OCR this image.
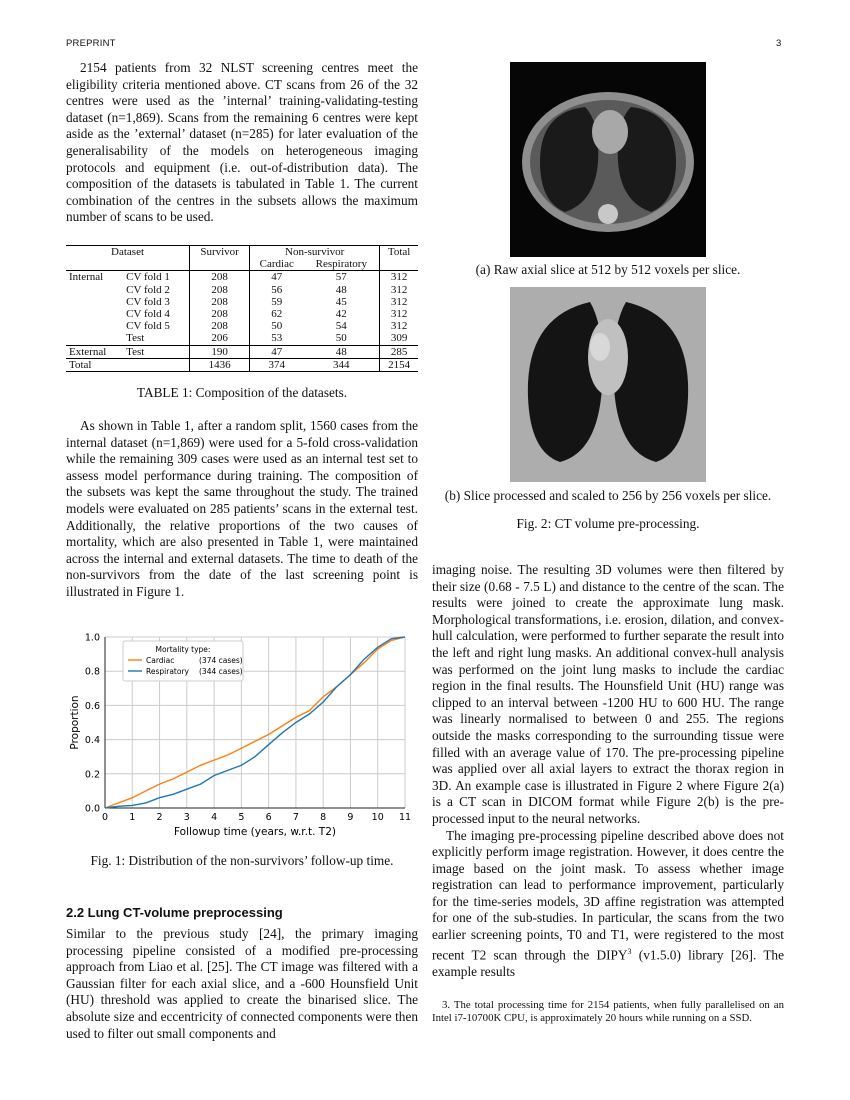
PREPRINT	3

2154 patients from 32 NLST screening centres meet the eligibility criteria mentioned above. CT scans from 26 of the 32 centres were used as the ’internal’ training-validating-testing dataset (n=1,869). Scans from the remaining 6 centres were kept aside as the ’external’ dataset (n=285) for later evaluation of the generalisability of the models on heterogeneous imaging protocols and equipment (i.e. out-of-distribution data). The composition of the datasets is tabulated in Table 1. The current combination of the centres in the subsets allows the maximum number of scans to be used.

Dataset		Survivor	Non-survivor		Total
			Cardiac	Respiratory	
Internal	CV fold 1	208	47	57	312
	CV fold 2	208	56	48	312
	CV fold 3	208	59	45	312
	CV fold 4	208	62	42	312
	CV fold 5	208	50	54	312
	Test	206	53	50	309
External	Test	190	47	48	285
Total		1436	374	344	2154
TABLE 1: Composition of the datasets.

As shown in Table 1, after a random split, 1560 cases from the internal dataset (n=1,869) were used for a 5-fold cross-validation while the remaining 309 cases were used as an internal test set to assess model performance during training. The composition of the subsets was kept the same throughout the study. The trained models were evaluated on 285 patients’ scans in the external test. Additionally, the relative proportions of the two causes of mortality, which are also presented in Table 1, were maintained across the internal and external datasets. The time to death of the non-survivors from the date of the last screening point is illustrated in Figure 1.

0 1 2 3 4 5 6 7 8 9 10 11
0.0
0.2
0.4
0.6
0.8
1.0
Followup time (years, w.r.t. T2)
Proportion
Mortality type:
Cardiac	(374 cases)
Respiratory (344 cases)
Fig. 1: Distribution of the non-survivors’ follow-up time.
2.2 Lung CT-volume preprocessing

Similar to the previous study [24], the primary imaging processing pipeline consisted of a modified pre-processing approach from Liao et al. [25]. The CT image was filtered with a Gaussian filter for each axial slice, and a -600 Hounsfield Unit (HU) threshold was applied to create the binarised slice. The absolute size and eccentricity of connected components were then used to filter out small components and

(a) Raw axial slice at 512 by 512 voxels per slice.
(b) Slice processed and scaled to 256 by 256 voxels per slice.
Fig. 2: CT volume pre-processing.

imaging noise. The resulting 3D volumes were then filtered by their size (0.68 - 7.5 L) and distance to the centre of the scan. The results were joined to create the approximate lung mask. Morphological transformations, i.e. erosion, dilation, and convex-hull calculation, were performed to further separate the result into the left and right lung masks. An additional convex-hull analysis was performed on the joint lung masks to include the cardiac region in the final results. The Hounsfield Unit (HU) range was clipped to an interval between -1200 HU to 600 HU. The range was linearly normalised to between 0 and 255. The regions outside the masks corresponding to the surrounding tissue were filled with an average value of 170. The pre-processing pipeline was applied over all axial layers to extract the thorax region in 3D. An example case is illustrated in Figure 2 where Figure 2(a) is a CT scan in DICOM format while Figure 2(b) is the pre-processed input to the neural networks.

The imaging pre-processing pipeline described above does not explicitly perform image registration. However, it does centre the image based on the joint mask. To assess whether image registration can lead to performance improvement, particularly for the time-series models, 3D affine registration was attempted for one of the sub-studies. In particular, the scans from the two earlier screening points, T0 and T1, were registered to the most recent T2 scan through the DIPY$^3$ (v1.5.0) library [26]. The example results

3. The total processing time for 2154 patients, when fully parallelised on an Intel i7-10700K CPU, is approximately 20 hours while running on a SSD.
